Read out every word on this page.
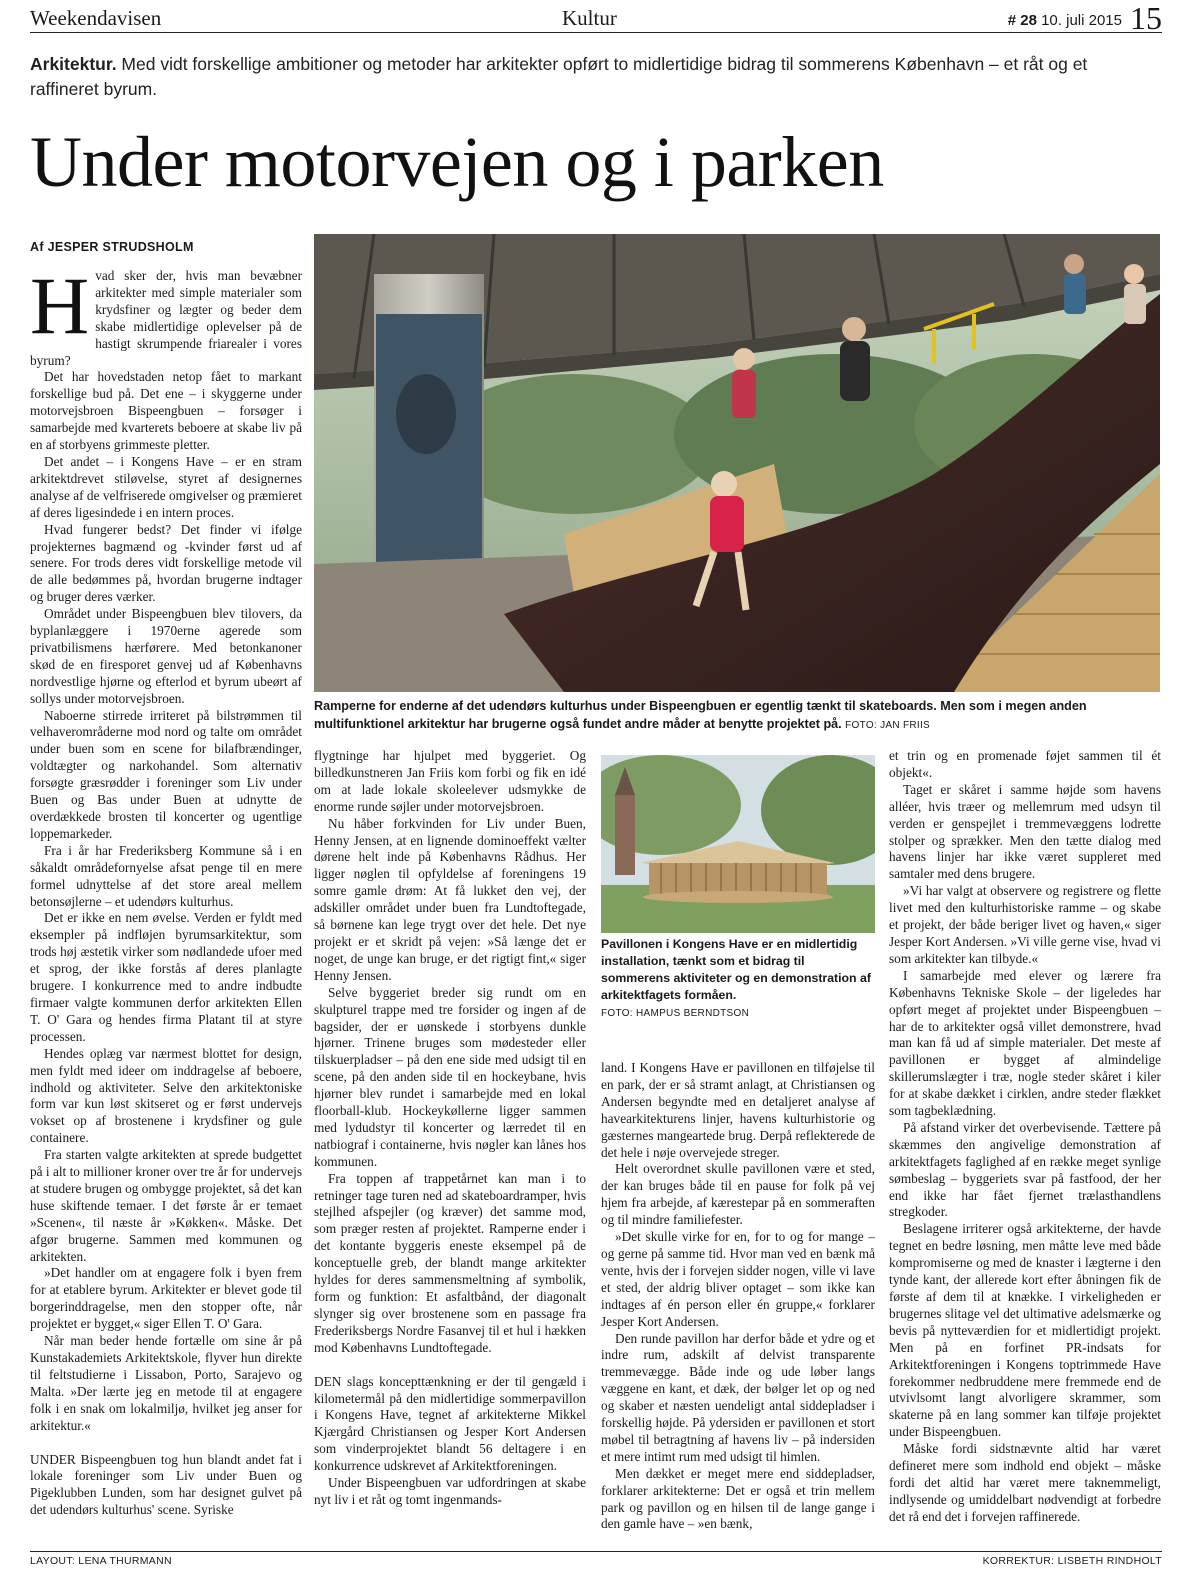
Weekendavisen	Kultur	# 28 10. juli 2015 15
Arkitektur. Med vidt forskellige ambitioner og metoder har arkitekter opført to midlertidige bidrag til sommerens København – et råt og et raffineret byrum.
Under motorvejen og i parken
Af JESPER STRUDSHOLM
H vad sker der, hvis man bevæbner arkitekter med simple materialer som krydsfiner og lægter og beder dem skabe midlertidige oplevelser på de hastigt skrumpende friarealer i vores byrum?

Det har hovedstaden netop fået to markant forskellige bud på. Det ene – i skyggerne under motorvejsbroen Bispeengbuen – forsøger i samarbejde med kvarterets beboere at skabe liv på en af storbyens grimmeste pletter.

Det andet – i Kongens Have – er en stram arkitektdrevet stiløvelse, styret af designernes analyse af de velfriserede omgivelser og præmieret af deres ligesindede i en intern proces.

Hvad fungerer bedst? Det finder vi ifølge projekternes bagmænd og -kvinder først ud af senere. For trods deres vidt forskellige metode vil de alle bedømmes på, hvordan brugerne indtager og bruger deres værker.

Området under Bispeengbuen blev tilovers, da byplanlæggere i 1970erne agerede som privatbilismens hærførere. Med betonkanoner skød de en firesporet genvej ud af Københavns nordvestlige hjørne og efterlod et byrum ubeørt af sollys under motorvejsbroen.

Naboerne stirrede irriteret på bilstrømmen til velhaverområderne mod nord og talte om området under buen som en scene for bilafbrændinger, voldtægter og narkohandel. Som alternativ forsøgte græsrødder i foreninger som Liv under Buen og Bas under Buen at udnytte de overdækkede brosten til koncerter og ugentlige loppemarkeder.

Fra i år har Frederiksberg Kommune så i en såkaldt områdefornyelse afsat penge til en mere formel udnyttelse af det store areal mellem betonsøjlerne – et udendørs kulturhus.

Det er ikke en nem øvelse. Verden er fyldt med eksempler på indfløjen byrumsarkitektur, som trods høj æstetik virker som nødlandede ufoer med et sprog, der ikke forstås af deres planlagte brugere. I konkurrence med to andre indbudte firmaer valgte kommunen derfor arkitekten Ellen T. O' Gara og hendes firma Platant til at styre processen.

Hendes oplæg var nærmest blottet for design, men fyldt med ideer om inddragelse af beboere, indhold og aktiviteter. Selve den arkitektoniske form var kun løst skitseret og er først undervejs vokset op af brostenene i krydsfiner og gule containere.

Fra starten valgte arkitekten at sprede budgettet på i alt to millioner kroner over tre år for undervejs at studere brugen og ombygge projektet, så det kan huse skiftende temaer. I det første år er temaet »Scenen«, til næste år »Køkken«. Måske. Det afgør brugerne. Sammen med kommunen og arkitekten.

»Det handler om at engagere folk i byen frem for at etablere byrum. Arkitekter er blevet gode til borgerinddragelse, men den stopper ofte, når projektet er bygget,« siger Ellen T. O' Gara.

Når man beder hende fortælle om sine år på Kunstakademiets Arkitektskole, flyver hun direkte til feltstudierne i Lissabon, Porto, Sarajevo og Malta. »Der lærte jeg en metode til at engagere folk i en snak om lokalmiljø, hvilket jeg anser for arkitektur.«

UNDER Bispeengbuen tog hun blandt andet fat i lokale foreninger som Liv under Buen og Pigeklubben Lunden, som har designet gulvet på det udendørs kulturhus' scene. Syriske

Ramperne for enderne af det udendørs kulturhus under Bispeengbuen er egentlig tænkt til skateboards. Men som i megen anden multifunktionel arkitektur har brugerne også fundet andre måder at benytte projektet på. FOTO: JAN FRIIS

flygtninge har hjulpet med byggeriet. Og billedkunstneren Jan Friis kom forbi og fik en idé om at lade lokale skoleelever udsmykke de enorme runde søjler under motorvejsbroen.

Nu håber forkvinden for Liv under Buen, Henny Jensen, at en lignende dominoeffekt vælter dørene helt inde på Københavns Rådhus. Her ligger nøglen til opfyldelse af foreningens 19 somre gamle drøm: At få lukket den vej, der adskiller området under buen fra Lundtoftegade, så børnene kan lege trygt over det hele. Det nye projekt er et skridt på vejen: »Så længe det er noget, de unge kan bruge, er det rigtigt fint,« siger Henny Jensen.

Selve byggeriet breder sig rundt om en skulpturel trappe med tre forsider og ingen af de bagsider, der er uønskede i storbyens dunkle hjørner. Trinene bruges som mødesteder eller tilskuerpladser – på den ene side med udsigt til en scene, på den anden side til en hockeybane, hvis hjørner blev rundet i samarbejde med en lokal floorball-klub. Hockeykøllerne ligger sammen med lydudstyr til koncerter og lærredet til en natbiograf i containerne, hvis nøgler kan lånes hos kommunen.

Fra toppen af trappetårnet kan man i to retninger tage turen ned ad skateboardramper, hvis stejlhed afspejler (og kræver) det samme mod, som præger resten af projektet. Ramperne ender i det kontante byggeris eneste eksempel på de konceptuelle greb, der blandt mange arkitekter hyldes for deres sammensmeltning af symbolik, form og funktion: Et asfaltbånd, der diagonalt slynger sig over brostenene som en passage fra Frederiksbergs Nordre Fasanvej til et hul i hækken mod Københavns Lundtoftegade.

DEN slags koncepttænkning er der til gengæld i kilometermål på den midlertidige sommerpavillon i Kongens Have, tegnet af arkitekterne Mikkel Kjærgård Christiansen og Jesper Kort Andersen som vinderprojektet blandt 56 deltagere i en konkurrence udskrevet af Arkitektforeningen.

Under Bispeengbuen var udfordringen at skabe nyt liv i et råt og tomt ingenmands-

Pavillonen i Kongens Have er en midlertidig installation, tænkt som et bidrag til sommerens aktiviteter og en demonstration af arkitektfagets formåen.
FOTO: HAMPUS BERNDTSON

land. I Kongens Have er pavillonen en tilføjelse til en park, der er så stramt anlagt, at Christiansen og Andersen begyndte med en detaljeret analyse af havearkitekturens linjer, havens kulturhistorie og gæsternes mangeartede brug. Derpå reflekterede de det hele i nøje overvejede streger.

Helt overordnet skulle pavillonen være et sted, der kan bruges både til en pause for folk på vej hjem fra arbejde, af kærestepar på en sommeraften og til mindre familiefester.

»Det skulle virke for en, for to og for mange – og gerne på samme tid. Hvor man ved en bænk må vente, hvis der i forvejen sidder nogen, ville vi lave et sted, der aldrig bliver optaget – som ikke kan indtages af én person eller én gruppe,« forklarer Jesper Kort Andersen.

Den runde pavillon har derfor både et ydre og et indre rum, adskilt af delvist transparente tremmevægge. Både inde og ude løber langs væggene en kant, et dæk, der bølger let op og ned og skaber et næsten uendeligt antal siddepladser i forskellig højde. På ydersiden er pavillonen et stort møbel til betragtning af havens liv – på indersiden et mere intimt rum med udsigt til himlen.

Men dækket er meget mere end siddepladser, forklarer arkitekterne: Det er også et trin mellem park og pavillon og en hilsen til de lange gange i den gamle have – »en bænk,

et trin og en promenade føjet sammen til ét objekt«.

Taget er skåret i samme højde som havens alléer, hvis træer og mellemrum med udsyn til verden er genspejlet i tremmevæggens lodrette stolper og sprækker. Men den tætte dialog med havens linjer har ikke været suppleret med samtaler med dens brugere.

»Vi har valgt at observere og registrere og flette livet med den kulturhistoriske ramme – og skabe et projekt, der både beriger livet og haven,« siger Jesper Kort Andersen. »Vi ville gerne vise, hvad vi som arkitekter kan tilbyde.«

I samarbejde med elever og lærere fra Københavns Tekniske Skole – der ligeledes har opført meget af projektet under Bispeengbuen – har de to arkitekter også villet demonstrere, hvad man kan få ud af simple materialer. Det meste af pavillonen er bygget af almindelige skillerumslægter i træ, nogle steder skåret i kiler for at skabe dækket i cirklen, andre steder flækket som tagbeklædning.

På afstand virker det overbevisende. Tættere på skæmmes den angivelige demonstration af arkitektfagets faglighed af en række meget synlige sømbeslag – byggeriets svar på fastfood, der her end ikke har fået fjernet trælasthandlens stregkoder.

Beslagene irriterer også arkitekterne, der havde tegnet en bedre løsning, men måtte leve med både kompromiserne og med de knaster i lægterne i den tynde kant, der allerede kort efter åbningen fik de første af dem til at knække. I virkeligheden er brugernes slitage vel det ultimative adelsmærke og bevis på nytteværdien for et midlertidigt projekt. Men på en forfinet PR-indsats for Arkitektforeningen i Kongens toptrimmede Have forekommer nedbruddene mere fremmede end de utvivlsomt langt alvorligere skrammer, som skaterne på en lang sommer kan tilføje projektet under Bispeengbuen.

Måske fordi sidstnævnte altid har været defineret mere som indhold end objekt – måske fordi det altid har været mere taknemmeligt, indlysende og umiddelbart nødvendigt at forbedre det rå end det i forvejen raffinerede.

LAYOUT: LENA THURMANN	KORREKTUR: LISBETH RINDHOLT
